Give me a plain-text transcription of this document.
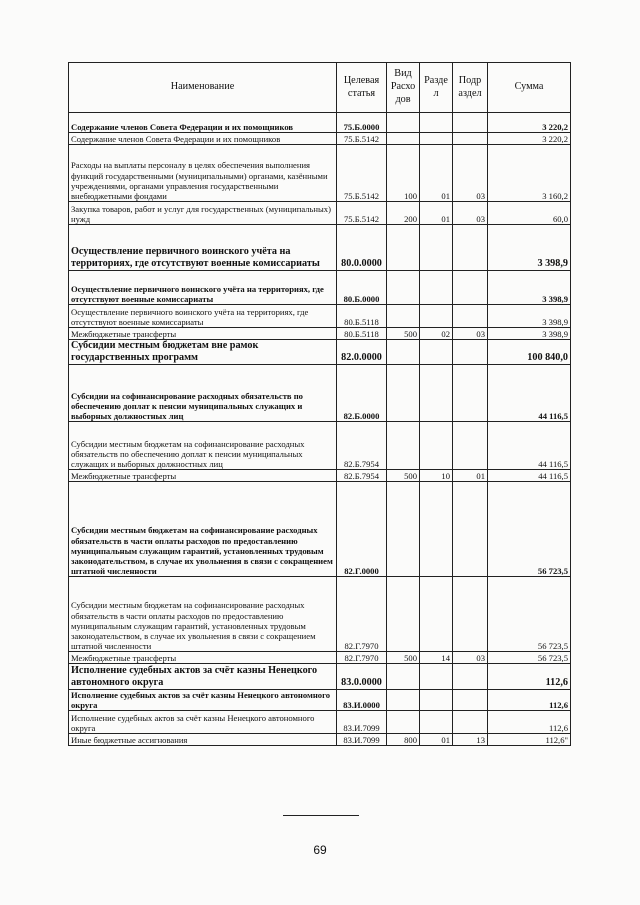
Наименование	Целевая статья	Вид Расхо дов	Разде л	Подр аздел	Сумма
Содержание членов Совета Федерации и их помощников	75.Б.0000				3 220,2
Содержание членов Совета Федерации и их помощников	75.Б.5142				3 220,2
Расходы на выплаты персоналу в целях обеспечения выполнения функций государственными (муниципальными) органами, казёнными учреждениями, органами управления государственными внебюджетными фондами	75.Б.5142	100	01	03	3 160,2
Закупка товаров, работ и услуг для государственных (муниципальных) нужд	75.Б.5142	200	01	03	60,0
Осуществление первичного воинского учёта на территориях, где отсутствуют военные комиссариаты	80.0.0000				3 398,9
Осуществление первичного воинского учёта на территориях, где отсутствуют военные комиссариаты	80.Б.0000				3 398,9
Осуществление первичного воинского учёта на территориях, где отсутствуют военные комиссариаты	80.Б.5118				3 398,9
Межбюджетные трансферты	80.Б.5118	500	02	03	3 398,9
Субсидии местным бюджетам вне рамок государственных программ	82.0.0000				100 840,0
Субсидии на софинансирование расходных обязательств по обеспечению доплат к пенсии муниципальных служащих и выборных должностных лиц	82.Б.0000				44 116,5
Субсидии местным бюджетам на софинансирование расходных обязательств по обеспечению доплат к пенсии муниципальных служащих и выборных должностных лиц	82.Б.7954				44 116,5
Межбюджетные трансферты	82.Б.7954	500	10	01	44 116,5
Субсидии местным бюджетам на софинансирование расходных обязательств в части оплаты расходов по предоставлению муниципальным служащим гарантий, установленных трудовым законодательством, в случае их увольнения в связи с сокращением штатной численности	82.Г.0000				56 723,5
Субсидии местным бюджетам на софинансирование расходных обязательств в части оплаты расходов по предоставлению муниципальным служащим гарантий, установленных трудовым законодательством, в случае их увольнения в связи с сокращением штатной численности	82.Г.7970				56 723,5
Межбюджетные трансферты	82.Г.7970	500	14	03	56 723,5
Исполнение судебных актов за счёт казны Ненецкого автономного округа	83.0.0000				112,6
Исполнение судебных актов за счёт казны Ненецкого автономного округа	83.И.0000				112,6
Исполнение судебных актов за счёт казны Ненецкого автономного округа	83.И.7099				112,6
Иные бюджетные ассигнования	83.И.7099	800	01	13	112,6"
69
